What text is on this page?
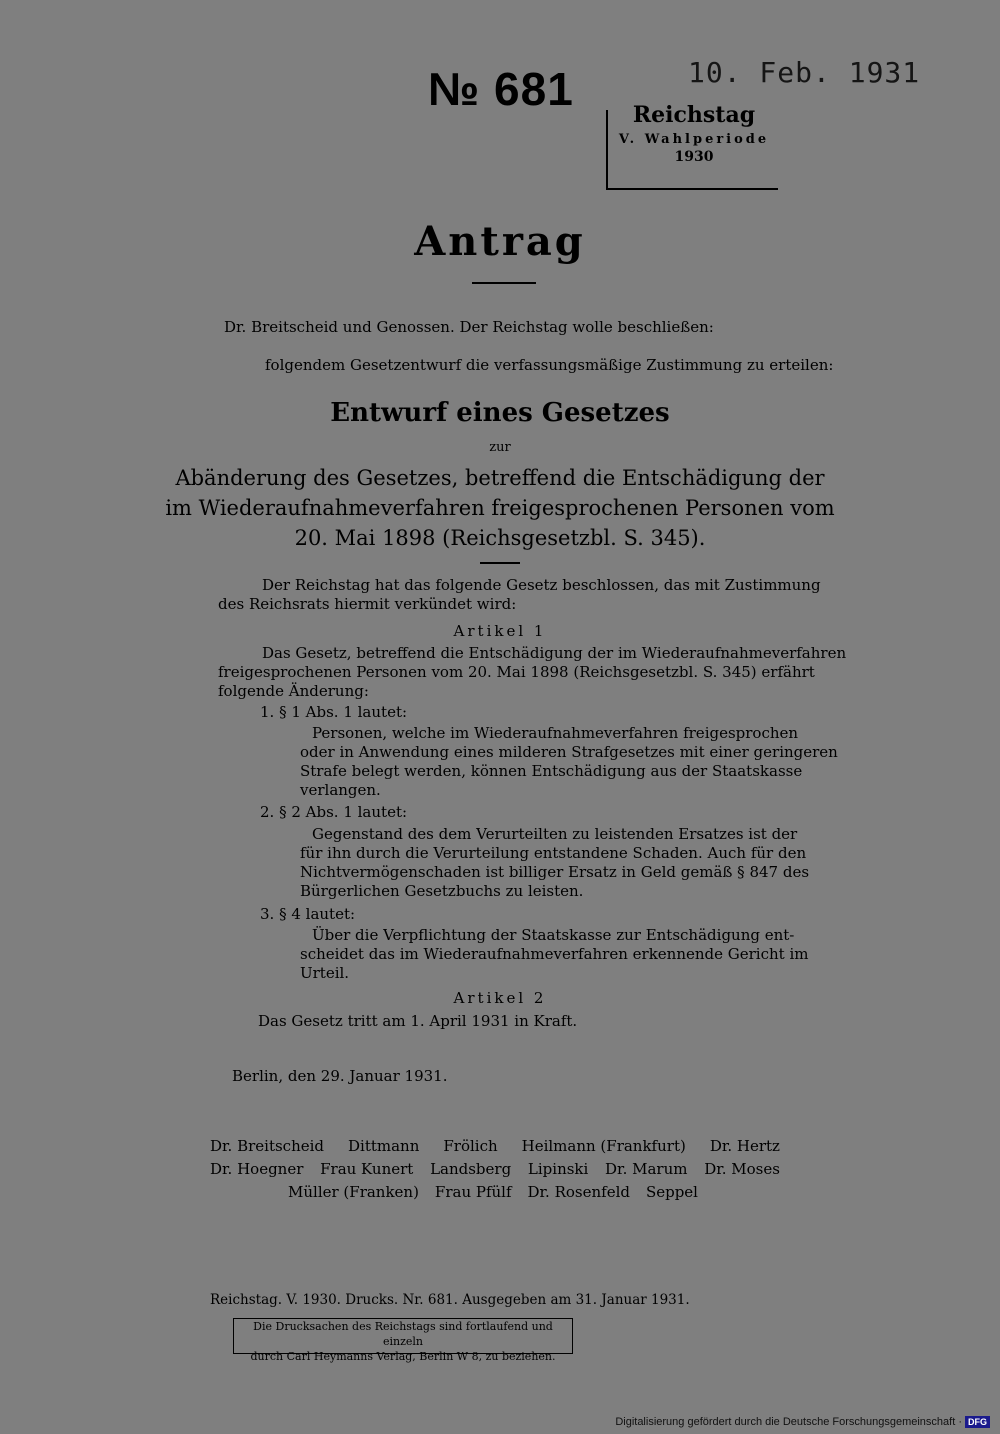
№ 681	10. Feb. 1931
Reichstag
V. Wahlperiode
1930
Antrag
Dr. Breitscheid und Genossen. Der Reichstag wolle beschließen:
folgendem Gesetzentwurf die verfassungsmäßige Zustimmung zu erteilen:
Entwurf eines Gesetzes
zur
Abänderung des Gesetzes, betreffend die Entschädigung der
im Wiederaufnahmeverfahren freigesprochenen Personen vom
20. Mai 1898 (Reichsgesetzbl. S. 345).
Der Reichstag hat das folgende Gesetz beschlossen, das mit Zustimmung
des Reichsrats hiermit verkündet wird:
Artikel 1
Das Gesetz, betreffend die Entschädigung der im Wiederaufnahmeverfahren
freigesprochenen Personen vom 20. Mai 1898 (Reichsgesetzbl. S. 345) erfährt
folgende Änderung:
1. § 1 Abs. 1 lautet:
Personen, welche im Wiederaufnahmeverfahren freigesprochen
oder in Anwendung eines milderen Strafgesetzes mit einer geringeren
Strafe belegt werden, können Entschädigung aus der Staatskasse
verlangen.
2. § 2 Abs. 1 lautet:
Gegenstand des dem Verurteilten zu leistenden Ersatzes ist der
für ihn durch die Verurteilung entstandene Schaden. Auch für den
Nichtvermögenschaden ist billiger Ersatz in Geld gemäß § 847 des
Bürgerlichen Gesetzbuchs zu leisten.
3. § 4 lautet:
Über die Verpflichtung der Staatskasse zur Entschädigung ent-
scheidet das im Wiederaufnahmeverfahren erkennende Gericht im
Urteil.
Artikel 2
Das Gesetz tritt am 1. April 1931 in Kraft.
Berlin, den 29. Januar 1931.
Dr. Breitscheid Dittmann Frölich Heilmann (Frankfurt) Dr. Hertz
Dr. Hoegner Frau Kunert Landsberg Lipinski Dr. Marum Dr. Moses
Müller (Franken) Frau Pfülf Dr. Rosenfeld Seppel
Reichstag. V. 1930. Drucks. Nr. 681. Ausgegeben am 31. Januar 1931.
Die Drucksachen des Reichstags sind fortlaufend und einzeln
durch Carl Heymanns Verlag, Berlin W 8, zu beziehen.
Digitalisierung gefördert durch die Deutsche Forschungsgemeinschaft · DFG
